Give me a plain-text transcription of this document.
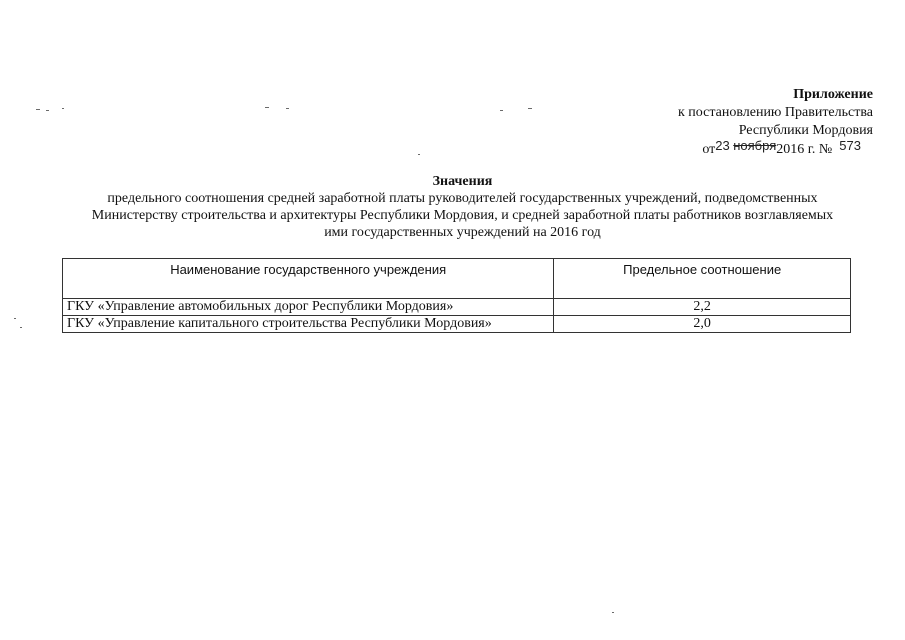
Приложение
к постановлению Правительства
Республики Мордовия
от23 ноября2016 г. № 573
Значения
предельного соотношения средней заработной платы руководителей государственных учреждений, подведомственных
Министерству строительства и архитектуры Республики Мордовия, и средней заработной платы работников возглавляемых
ими государственных учреждений на 2016 год
Наименование государственного учреждения	Предельное соотношение
ГКУ «Управление автомобильных дорог Республики Мордовия»	2,2
ГКУ «Управление капитального строительства Республики Мордовия»	2,0
